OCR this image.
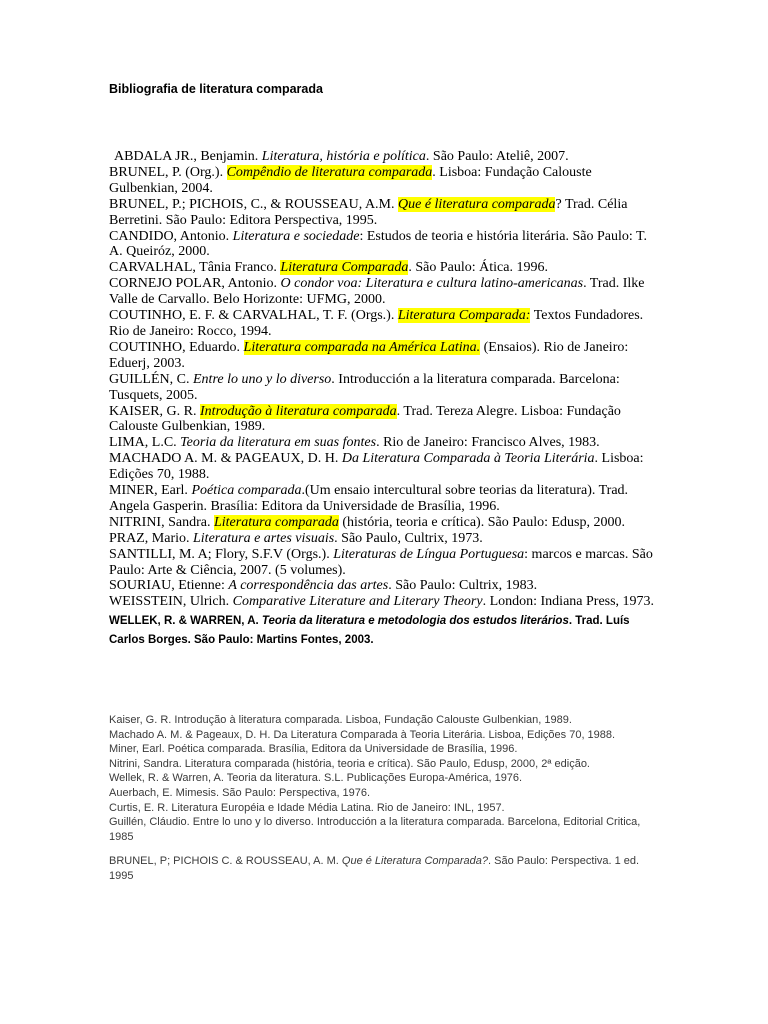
Bibliografia de literatura comparada

ABDALA JR., Benjamin. Literatura, história e política. São Paulo: Ateliê, 2007.

BRUNEL, P. (Org.). Compêndio de literatura comparada. Lisboa: Fundação Calouste Gulbenkian, 2004.

BRUNEL, P.; PICHOIS, C., & ROUSSEAU, A.M. Que é literatura comparada? Trad. Célia Berretini. São Paulo: Editora Perspectiva, 1995.

CANDIDO, Antonio. Literatura e sociedade: Estudos de teoria e história literária. São Paulo: T. A. Queiróz, 2000.

CARVALHAL, Tânia Franco. Literatura Comparada. São Paulo: Ática. 1996.

CORNEJO POLAR, Antonio. O condor voa: Literatura e cultura latino-americanas. Trad. Ilke Valle de Carvallo. Belo Horizonte: UFMG, 2000.

COUTINHO, E. F. & CARVALHAL, T. F. (Orgs.). Literatura Comparada: Textos Fundadores. Rio de Janeiro: Rocco, 1994.

COUTINHO, Eduardo. Literatura comparada na América Latina. (Ensaios). Rio de Janeiro: Eduerj, 2003.

GUILLÉN, C. Entre lo uno y lo diverso. Introducción a la literatura comparada. Barcelona: Tusquets, 2005.

KAISER, G. R. Introdução à literatura comparada. Trad. Tereza Alegre. Lisboa: Fundação Calouste Gulbenkian, 1989.

LIMA, L.C. Teoria da literatura em suas fontes. Rio de Janeiro: Francisco Alves, 1983.

MACHADO A. M. & PAGEAUX, D. H. Da Literatura Comparada à Teoria Literária. Lisboa: Edições 70, 1988.

MINER, Earl. Poética comparada.(Um ensaio intercultural sobre teorias da literatura). Trad. Angela Gasperin. Brasília: Editora da Universidade de Brasília, 1996.

NITRINI, Sandra. Literatura comparada (história, teoria e crítica). São Paulo: Edusp, 2000.

PRAZ, Mario. Literatura e artes visuais. São Paulo, Cultrix, 1973.

SANTILLI, M. A; Flory, S.F.V (Orgs.). Literaturas de Língua Portuguesa: marcos e marcas. São Paulo: Arte & Ciência, 2007. (5 volumes).

SOURIAU, Etienne: A correspondência das artes. São Paulo: Cultrix, 1983.

WEISSTEIN, Ulrich. Comparative Literature and Literary Theory. London: Indiana Press, 1973.

WELLEK, R. & WARREN, A. Teoria da literatura e metodologia dos estudos literários. Trad. Luís Carlos Borges. São Paulo: Martins Fontes, 2003.

Kaiser, G. R. Introdução à literatura comparada. Lisboa, Fundação Calouste Gulbenkian, 1989.

Machado A. M. & Pageaux, D. H. Da Literatura Comparada à Teoria Literária. Lisboa, Edições 70, 1988.

Miner, Earl. Poética comparada. Brasília, Editora da Universidade de Brasília, 1996.

Nitrini, Sandra. Literatura comparada (história, teoria e crítica). São Paulo, Edusp, 2000, 2ª edição.

Wellek, R. & Warren, A. Teoria da literatura. S.L. Publicações Europa-América, 1976.

Auerbach, E. Mimesis. São Paulo: Perspectiva, 1976.

Curtis, E. R. Literatura Européia e Idade Média Latina. Rio de Janeiro: INL, 1957.

Guillén, Cláudio. Entre lo uno y lo diverso. Introducción a la literatura comparada. Barcelona, Editorial Critica, 1985

BRUNEL, P; PICHOIS C. & ROUSSEAU, A. M. Que é Literatura Comparada?. São Paulo: Perspectiva. 1 ed. 1995
